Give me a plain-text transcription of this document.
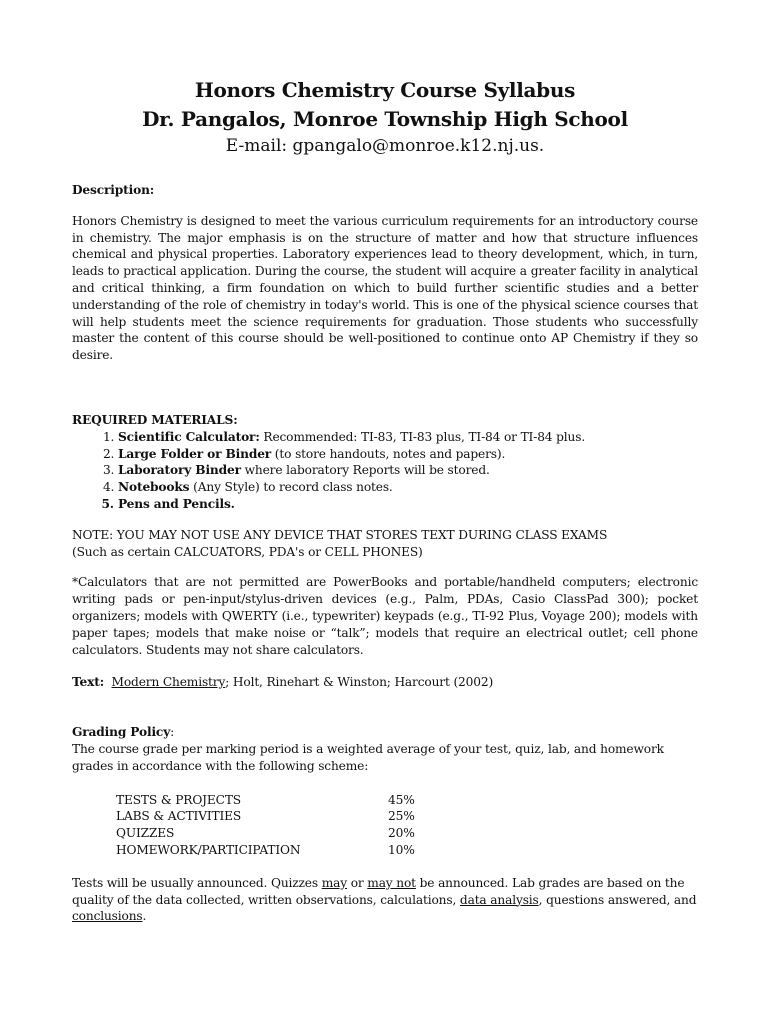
Honors Chemistry Course Syllabus
Dr. Pangalos, Monroe Township High School
E-mail: gpangalo@monroe.k12.nj.us.
Description:
Honors Chemistry is designed to meet the various curriculum requirements for an introductory course in chemistry. The major emphasis is on the structure of matter and how that structure influences chemical and physical properties. Laboratory experiences lead to theory development, which, in turn, leads to practical application. During the course, the student will acquire a greater facility in analytical and critical thinking, a firm foundation on which to build further scientific studies and a better understanding of the role of chemistry in today's world. This is one of the physical science courses that will help students meet the science requirements for graduation. Those students who successfully master the content of this course should be well-positioned to continue onto AP Chemistry if they so desire.
REQUIRED MATERIALS:
1. Scientific Calculator: Recommended: TI-83, TI-83 plus, TI-84 or TI-84 plus.
2. Large Folder or Binder (to store handouts, notes and papers).
3. Laboratory Binder where laboratory Reports will be stored.
4. Notebooks (Any Style) to record class notes.
5. Pens and Pencils.
NOTE: YOU MAY NOT USE ANY DEVICE THAT STORES TEXT DURING CLASS EXAMS
(Such as certain CALCUATORS, PDA's or CELL PHONES)
*Calculators that are not permitted are PowerBooks and portable/handheld computers; electronic writing pads or pen-input/stylus-driven devices (e.g., Palm, PDAs, Casio ClassPad 300); pocket organizers; models with QWERTY (i.e., typewriter) keypads (e.g., TI-92 Plus, Voyage 200); models with paper tapes; models that make noise or “talk”; models that require an electrical outlet; cell phone calculators. Students may not share calculators.
Text: Modern Chemistry; Holt, Rinehart & Winston; Harcourt (2002)
Grading Policy:
The course grade per marking period is a weighted average of your test, quiz, lab, and homework grades in accordance with the following scheme:
TESTS & PROJECTS	45%
LABS & ACTIVITIES	25%
QUIZZES	20%
HOMEWORK/PARTICIPATION	10%
Tests will be usually announced. Quizzes may or may not be announced. Lab grades are based on the quality of the data collected, written observations, calculations, data analysis, questions answered, and conclusions.
